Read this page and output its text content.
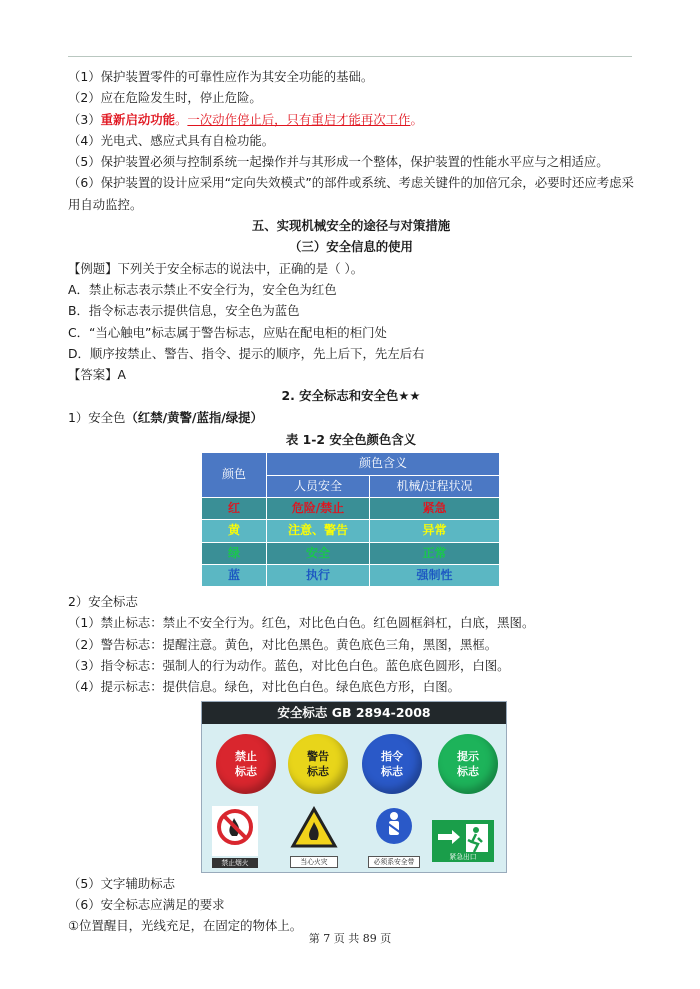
（1）保护装置零件的可靠性应作为其安全功能的基础。
（2）应在危险发生时，停止危险。
（3）重新启动功能。一次动作停止后，只有重启才能再次工作。
（4）光电式、感应式具有自检功能。
（5）保护装置必须与控制系统一起操作并与其形成一个整体，保护装置的性能水平应与之相适应。
（6）保护装置的设计应采用“定向失效模式”的部件或系统、考虑关键件的加倍冗余，必要时还应考虑采用自动监控。
五、实现机械安全的途径与对策措施
（三）安全信息的使用
【例题】下列关于安全标志的说法中，正确的是（ ）。
A．禁止标志表示禁止不安全行为，安全色为红色
B．指令标志表示提供信息，安全色为蓝色
C．“当心触电”标志属于警告标志，应贴在配电柜的柜门处
D．顺序按禁止、警告、指令、提示的顺序，先上后下，先左后右
【答案】A
2. 安全标志和安全色★★
1）安全色（红禁/黄警/蓝指/绿提）
表 1-2 安全色颜色含义
颜色	颜色含义	
	人员安全	机械/过程状况
红	危险/禁止	紧急
黄	注意、警告	异常
绿	安全	正常
蓝	执行	强制性
2）安全标志
（1）禁止标志：禁止不安全行为。红色，对比色白色。红色圆框斜杠，白底，黑图。
（2）警告标志：提醒注意。黄色，对比色黑色。黄色底色三角，黑图，黑框。
（3）指令标志：强制人的行为动作。蓝色，对比色白色。蓝色底色圆形，白图。
（4）提示标志：提供信息。绿色，对比色白色。绿色底色方形，白图。
安全标志 GB 2894-2008
禁止
标志
警告
标志
指令
标志
提示
标志
禁止烟火	当心火灾	必须系安全带
紧急出口
（5）文字辅助标志
（6）安全标志应满足的要求
①位置醒目，光线充足，在固定的物体上。
第 7 页 共 89 页
